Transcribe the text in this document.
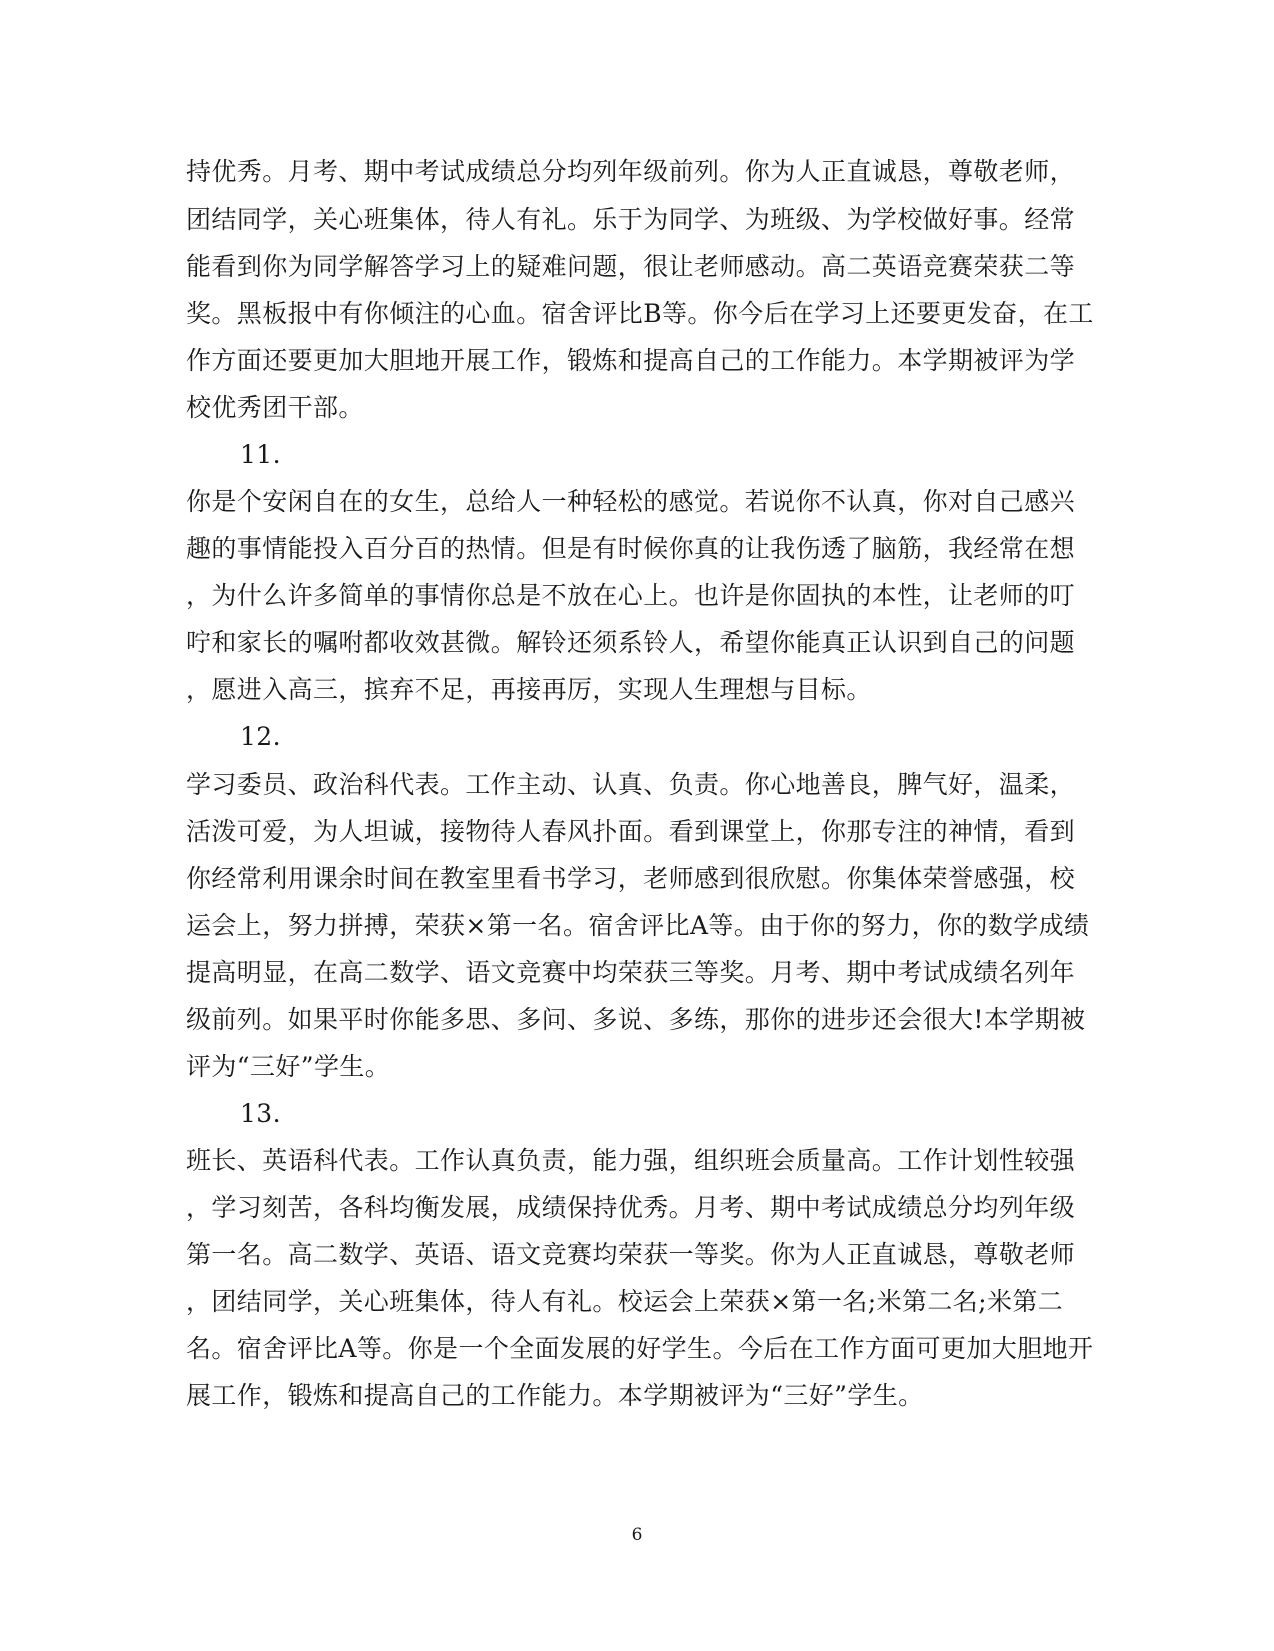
持优秀。月考、期中考试成绩总分均列年级前列。你为人正直诚恳，尊敬老师，
团结同学，关心班集体，待人有礼。乐于为同学、为班级、为学校做好事。经常
能看到你为同学解答学习上的疑难问题，很让老师感动。高二英语竞赛荣获二等
奖。黑板报中有你倾注的心血。宿舍评比B等。你今后在学习上还要更发奋，在工
作方面还要更加大胆地开展工作，锻炼和提高自己的工作能力。本学期被评为学
校优秀团干部。
11.
你是个安闲自在的女生，总给人一种轻松的感觉。若说你不认真，你对自己感兴
趣的事情能投入百分百的热情。但是有时候你真的让我伤透了脑筋，我经常在想
，为什么许多简单的事情你总是不放在心上。也许是你固执的本性，让老师的叮
咛和家长的嘱咐都收效甚微。解铃还须系铃人，希望你能真正认识到自己的问题
，愿进入高三，摈弃不足，再接再厉，实现人生理想与目标。
12.
学习委员、政治科代表。工作主动、认真、负责。你心地善良，脾气好，温柔，
活泼可爱，为人坦诚，接物待人春风扑面。看到课堂上，你那专注的神情，看到
你经常利用课余时间在教室里看书学习，老师感到很欣慰。你集体荣誉感强，校
运会上，努力拼搏，荣获×第一名。宿舍评比A等。由于你的努力，你的数学成绩
提高明显，在高二数学、语文竞赛中均荣获三等奖。月考、期中考试成绩名列年
级前列。如果平时你能多思、多问、多说、多练，那你的进步还会很大!本学期被
评为“三好”学生。
13.
班长、英语科代表。工作认真负责，能力强，组织班会质量高。工作计划性较强
，学习刻苦，各科均衡发展，成绩保持优秀。月考、期中考试成绩总分均列年级
第一名。高二数学、英语、语文竞赛均荣获一等奖。你为人正直诚恳，尊敬老师
，团结同学，关心班集体，待人有礼。校运会上荣获×第一名;米第二名;米第二
名。宿舍评比A等。你是一个全面发展的好学生。今后在工作方面可更加大胆地开
展工作，锻炼和提高自己的工作能力。本学期被评为“三好”学生。
6
